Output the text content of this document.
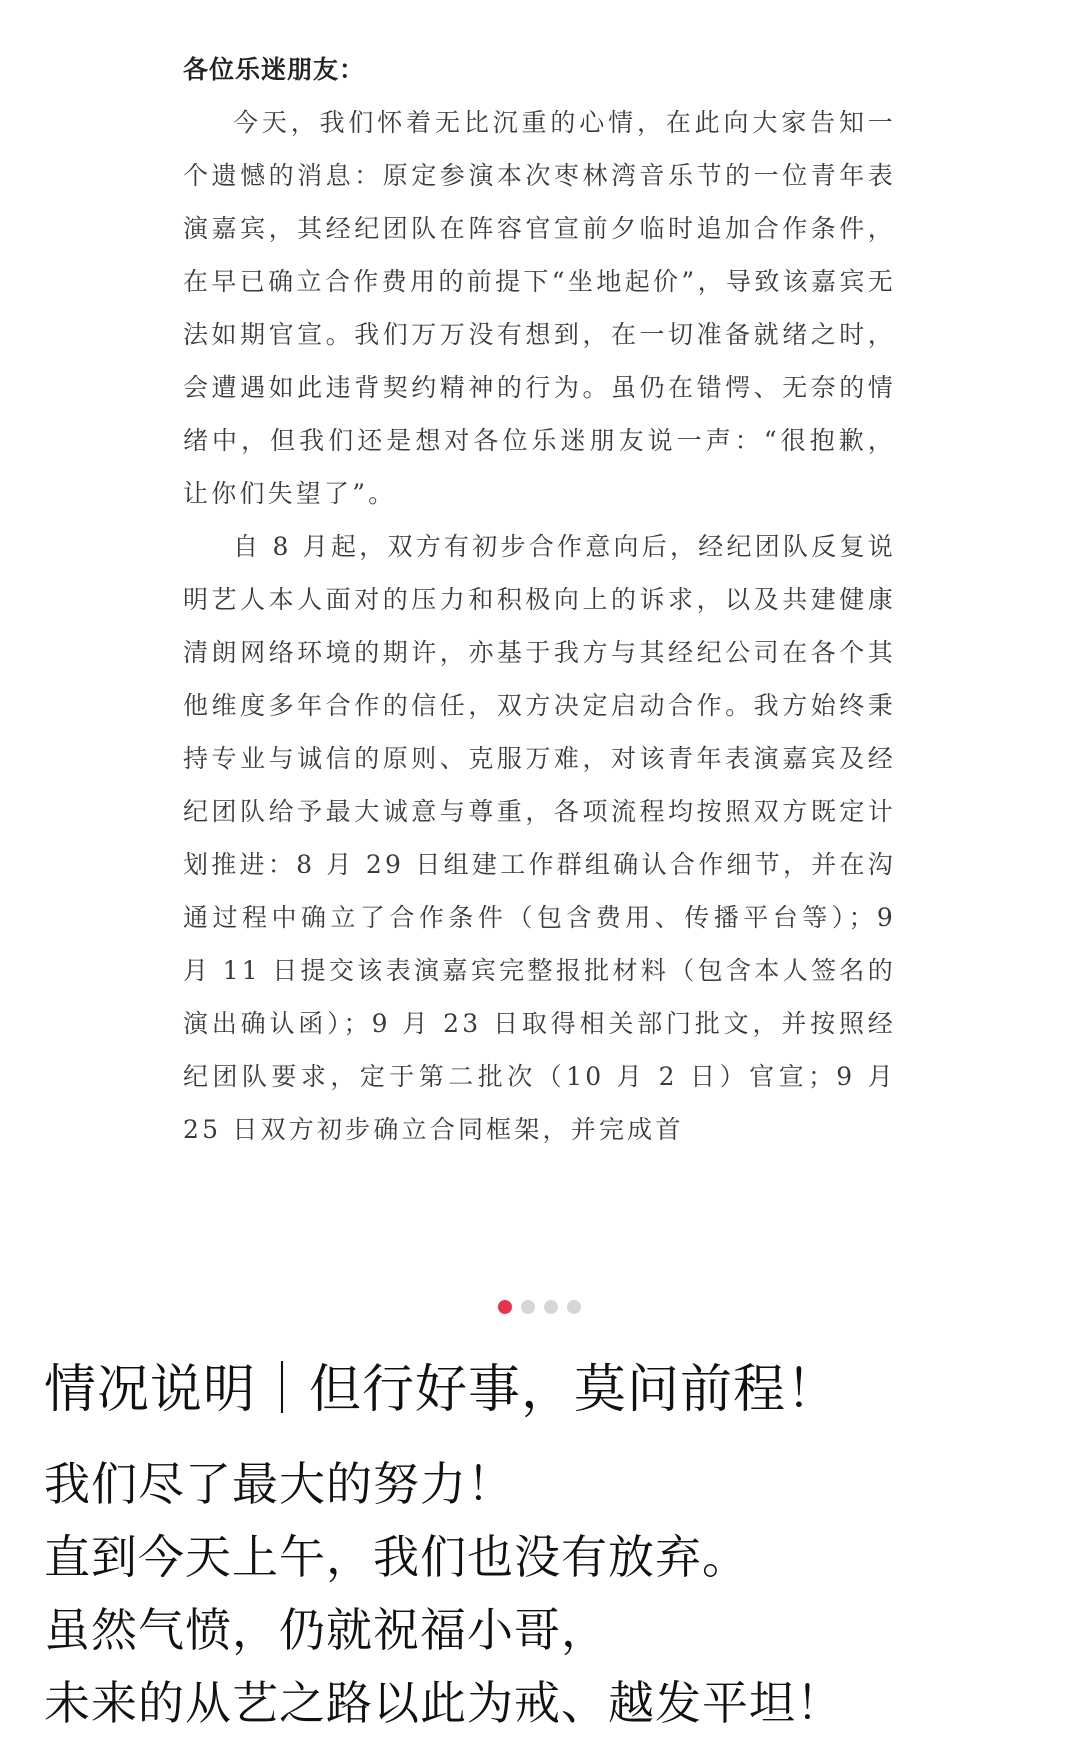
各位乐迷朋友：

今天，我们怀着无比沉重的心情，在此向大家告知一个遗憾的消息：原定参演本次枣林湾音乐节的一位青年表演嘉宾，其经纪团队在阵容官宣前夕临时追加合作条件，在早已确立合作费用的前提下“坐地起价”，导致该嘉宾无法如期官宣。我们万万没有想到，在一切准备就绪之时，会遭遇如此违背契约精神的行为。虽仍在错愕、无奈的情绪中，但我们还是想对各位乐迷朋友说一声：“很抱歉，让你们失望了”。

自 8 月起，双方有初步合作意向后，经纪团队反复说明艺人本人面对的压力和积极向上的诉求，以及共建健康清朗网络环境的期许，亦基于我方与其经纪公司在各个其他维度多年合作的信任，双方决定启动合作。我方始终秉持专业与诚信的原则、克服万难，对该青年表演嘉宾及经纪团队给予最大诚意与尊重，各项流程均按照双方既定计划推进：8 月 29 日组建工作群组确认合作细节，并在沟通过程中确立了合作条件（包含费用、传播平台等）；9 月 11 日提交该表演嘉宾完整报批材料（包含本人签名的演出确认函）；9 月 23 日取得相关部门批文，并按照经纪团队要求，定于第二批次（10 月 2 日）官宣；9 月 25 日双方初步确立合同框架，并完成首

情况说明｜但行好事，莫问前程！

我们尽了最大的努力！

直到今天上午，我们也没有放弃。

虽然气愤，仍就祝福小哥，

未来的从艺之路以此为戒、越发平坦！
